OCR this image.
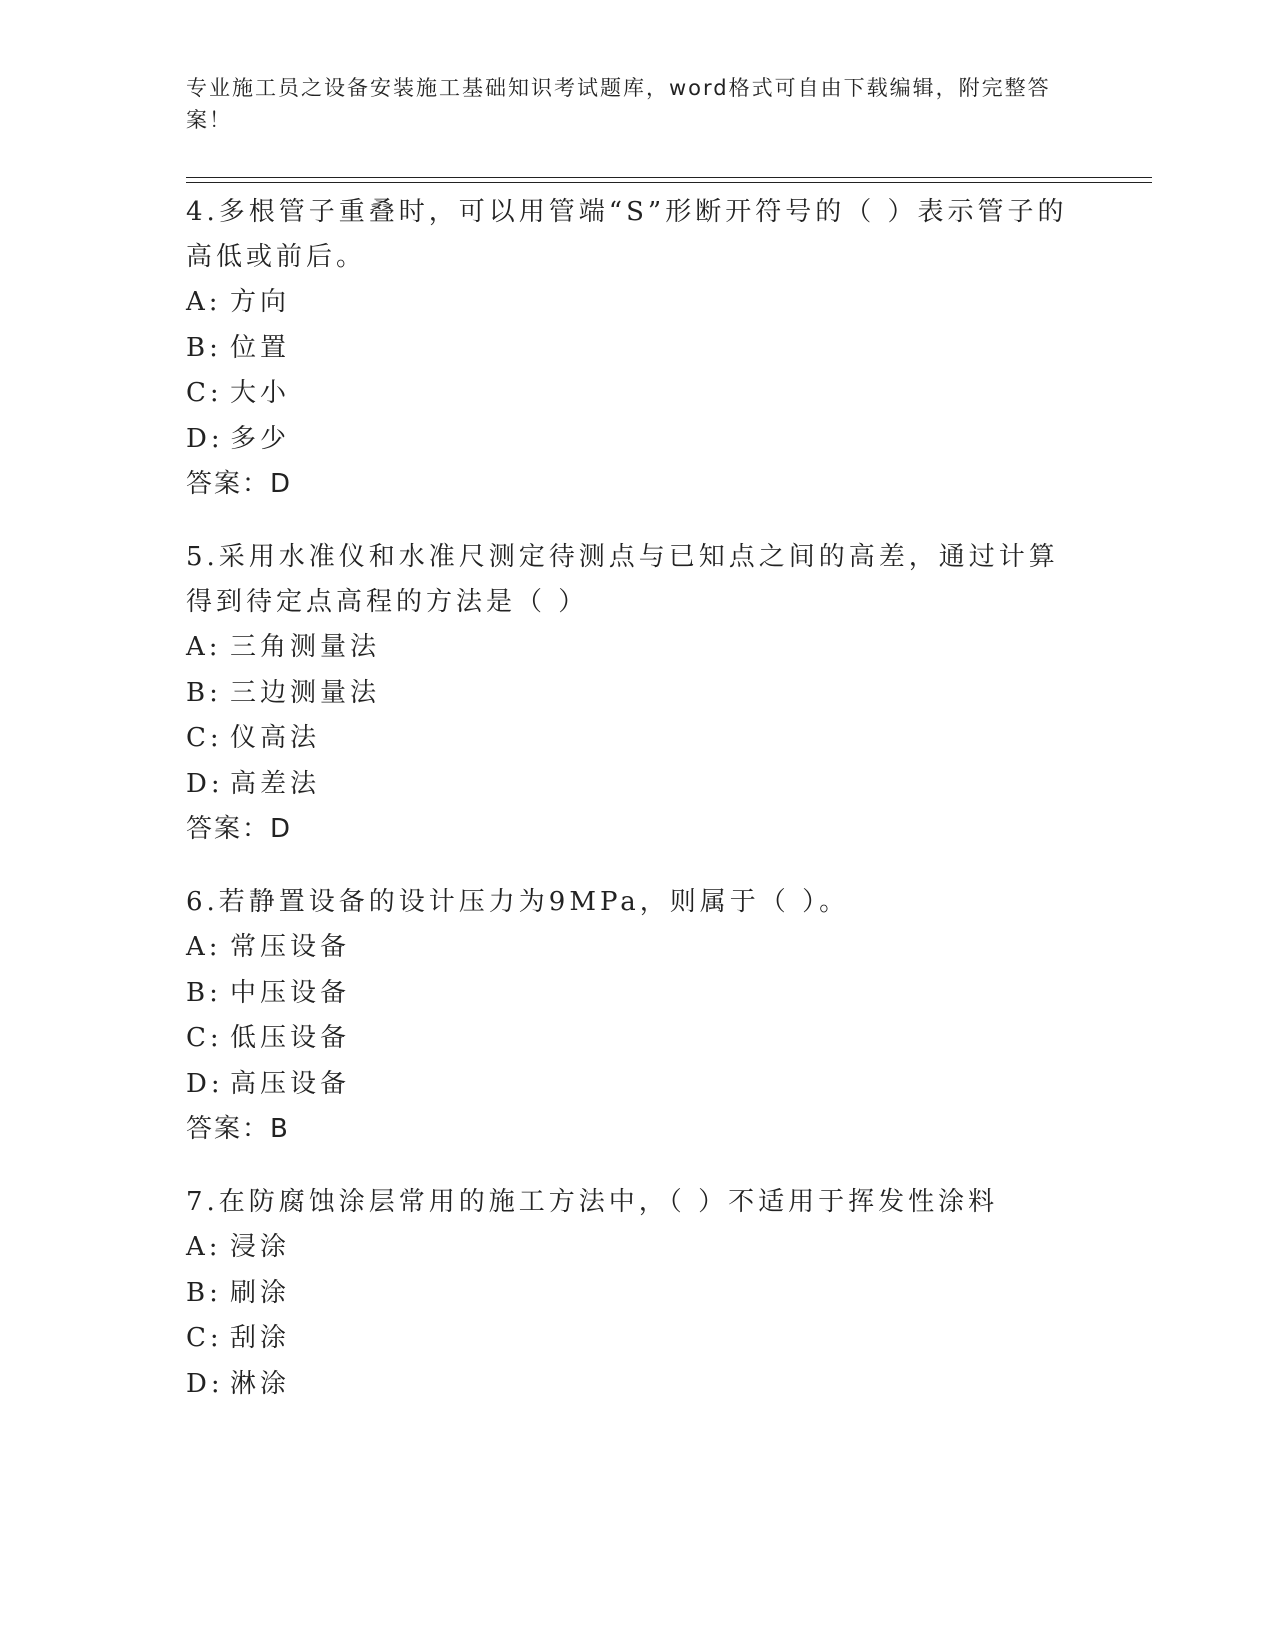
专业施工员之设备安装施工基础知识考试题库，word格式可自由下载编辑，附完整答案！

4.多根管子重叠时，可以用管端“S”形断开符号的（ ）表示管子的高低或前后。

A: 方向
B: 位置
C: 大小
D: 多少
答案：D

5.采用水准仪和水准尺测定待测点与已知点之间的高差，通过计算得到待定点高程的方法是（ ）

A: 三角测量法
B: 三边测量法
C: 仪高法
D: 高差法
答案：D

6.若静置设备的设计压力为9MPa，则属于（ ）。

A: 常压设备
B: 中压设备
C: 低压设备
D: 高压设备
答案：B

7.在防腐蚀涂层常用的施工方法中，（ ）不适用于挥发性涂料

A: 浸涂
B: 刷涂
C: 刮涂
D: 淋涂
